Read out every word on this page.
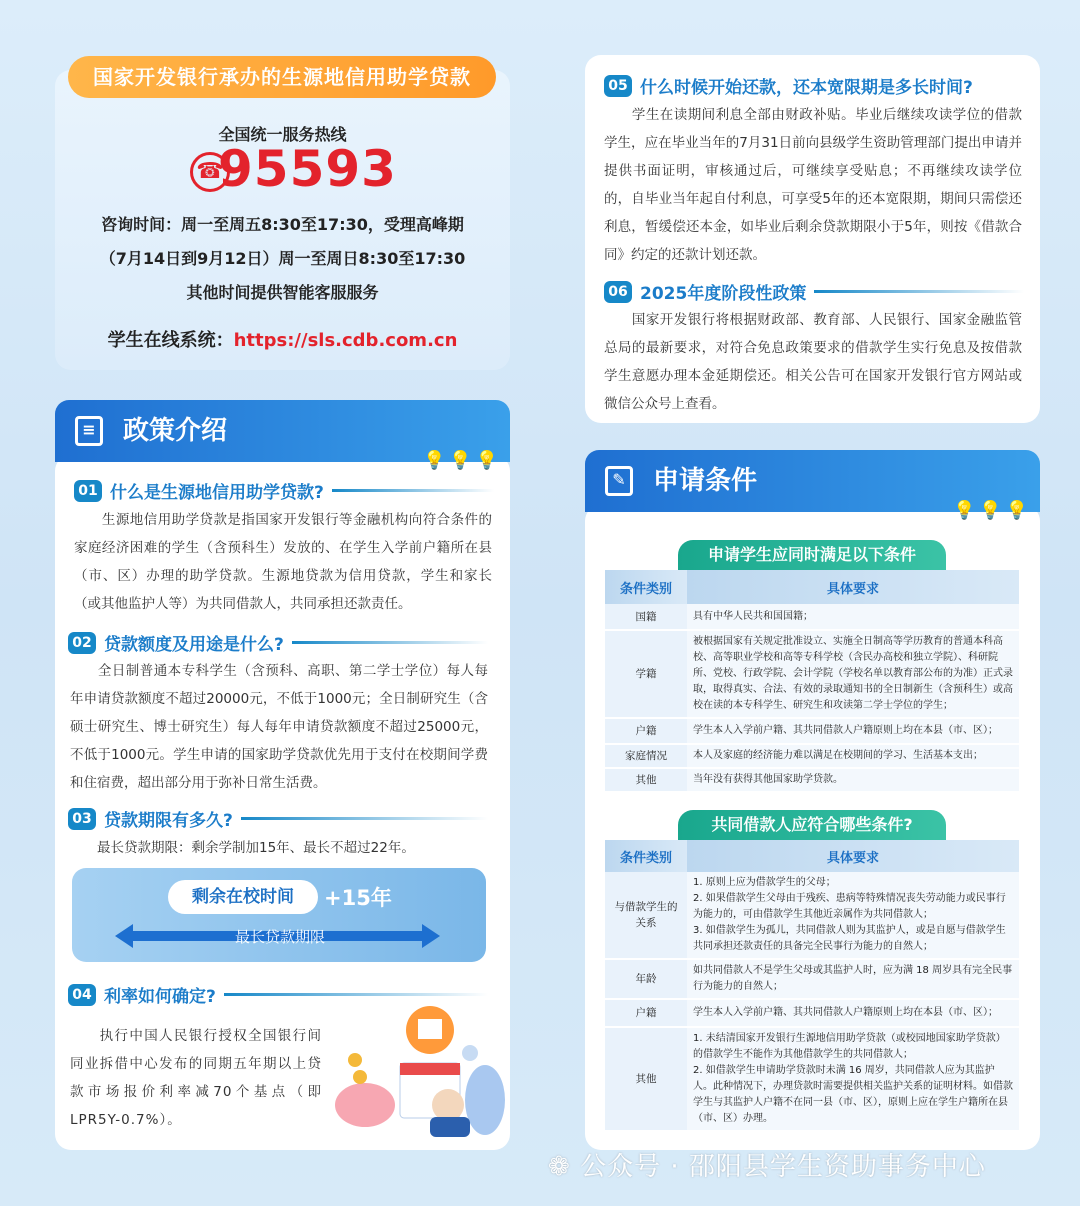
国家开发银行承办的生源地信用助学贷款
全国统一服务热线
☎
95593
咨询时间：周一至周五8:30至17:30，受理高峰期
（7月14日到9月12日）周一至周日8:30至17:30
其他时间提供智能客服服务
学生在线系统：https://sls.cdb.com.cn
≡ 政策介绍
💡💡💡
01 什么是生源地信用助学贷款?
　　生源地信用助学贷款是指国家开发银行等金融机构向符合条件的家庭经济困难的学生（含预科生）发放的、在学生入学前户籍所在县（市、区）办理的助学贷款。生源地贷款为信用贷款，学生和家长（或其他监护人等）为共同借款人，共同承担还款责任。
02 贷款额度及用途是什么?
　　全日制普通本专科学生（含预科、高职、第二学士学位）每人每年申请贷款额度不超过20000元，不低于1000元；全日制研究生（含硕士研究生、博士研究生）每人每年申请贷款额度不超过25000元，不低于1000元。学生申请的国家助学贷款优先用于支付在校期间学费和住宿费，超出部分用于弥补日常生活费。
03 贷款期限有多久?
　　最长贷款期限：剩余学制加15年、最长不超过22年。
剩余在校时间	+15年
最长贷款期限
04 利率如何确定?
　　执行中国人民银行授权全国银行间同业拆借中心发布的同期五年期以上贷款市场报价利率减70个基点（即LPR5Y-0.7%）。
05 什么时候开始还款，还本宽限期是多长时间?
　　学生在读期间利息全部由财政补贴。毕业后继续攻读学位的借款学生，应在毕业当年的7月31日前向县级学生资助管理部门提出申请并提供书面证明，审核通过后，可继续享受贴息；不再继续攻读学位的，自毕业当年起自付利息，可享受5年的还本宽限期，期间只需偿还利息，暂缓偿还本金，如毕业后剩余贷款期限小于5年，则按《借款合同》约定的还款计划还款。
06 2025年度阶段性政策
　　国家开发银行将根据财政部、教育部、人民银行、国家金融监管总局的最新要求，对符合免息政策要求的借款学生实行免息及按借款学生意愿办理本金延期偿还。相关公告可在国家开发银行官方网站或微信公众号上查看。
✎ 申请条件
💡💡💡
申请学生应同时满足以下条件
条件类别	具体要求
国籍	具有中华人民共和国国籍；
学籍	被根据国家有关规定批准设立、实施全日制高等学历教育的普通本科高校、高等职业学校和高等专科学校（含民办高校和独立学院）、科研院所、党校、行政学院、会计学院（学校名单以教育部公布的为准）正式录取，取得真实、合法、有效的录取通知书的全日制新生（含预科生）或高校在读的本专科学生、研究生和攻读第二学士学位的学生；
户籍	学生本人入学前户籍、其共同借款人户籍原则上均在本县（市、区）；
家庭情况	本人及家庭的经济能力难以满足在校期间的学习、生活基本支出；
其他	当年没有获得其他国家助学贷款。
共同借款人应符合哪些条件?
条件类别	具体要求
与借款学生的关系	1. 原则上应为借款学生的父母；
2. 如果借款学生父母由于残疾、患病等特殊情况丧失劳动能力或民事行为能力的，可由借款学生其他近亲属作为共同借款人；
3. 如借款学生为孤儿，共同借款人则为其监护人，或是自愿与借款学生共同承担还款责任的具备完全民事行为能力的自然人；
年龄	如共同借款人不是学生父母或其监护人时，应为满 18 周岁具有完全民事行为能力的自然人；
户籍	学生本人入学前户籍、其共同借款人户籍原则上均在本县（市、区）；
其他	1. 未结清国家开发银行生源地信用助学贷款（或校园地国家助学贷款）的借款学生不能作为其他借款学生的共同借款人；
2. 如借款学生申请助学贷款时未满 16 周岁，共同借款人应为其监护人。此种情况下，办理贷款时需要提供相关监护关系的证明材料。如借款学生与其监护人户籍不在同一县（市、区），原则上应在学生户籍所在县（市、区）办理。
❁ 公众号 · 邵阳县学生资助事务中心
